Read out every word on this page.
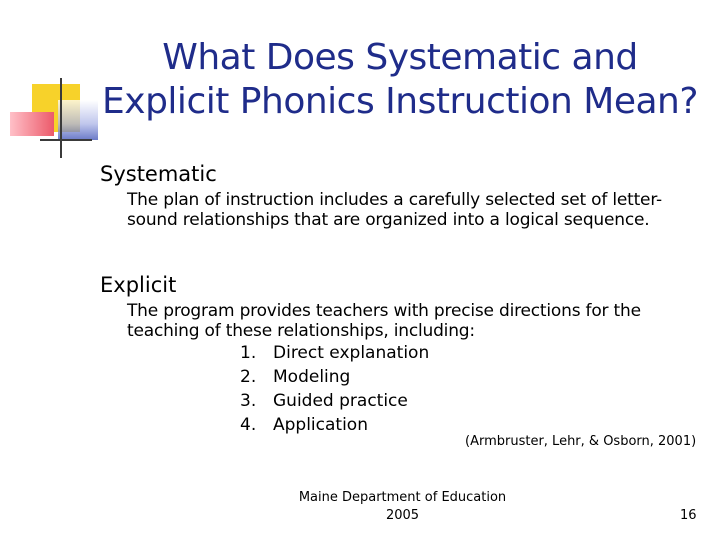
What Does Systematic and
Explicit Phonics Instruction Mean?
Systematic
The plan of instruction includes a carefully selected set of letter-
sound relationships that are organized into a logical sequence.
Explicit
The program provides teachers with precise directions for the
teaching of these relationships, including:
1. Direct explanation
2. Modeling
3. Guided practice
4. Application
(Armbruster, Lehr, & Osborn, 2001)
Maine Department of Education
2005	16
